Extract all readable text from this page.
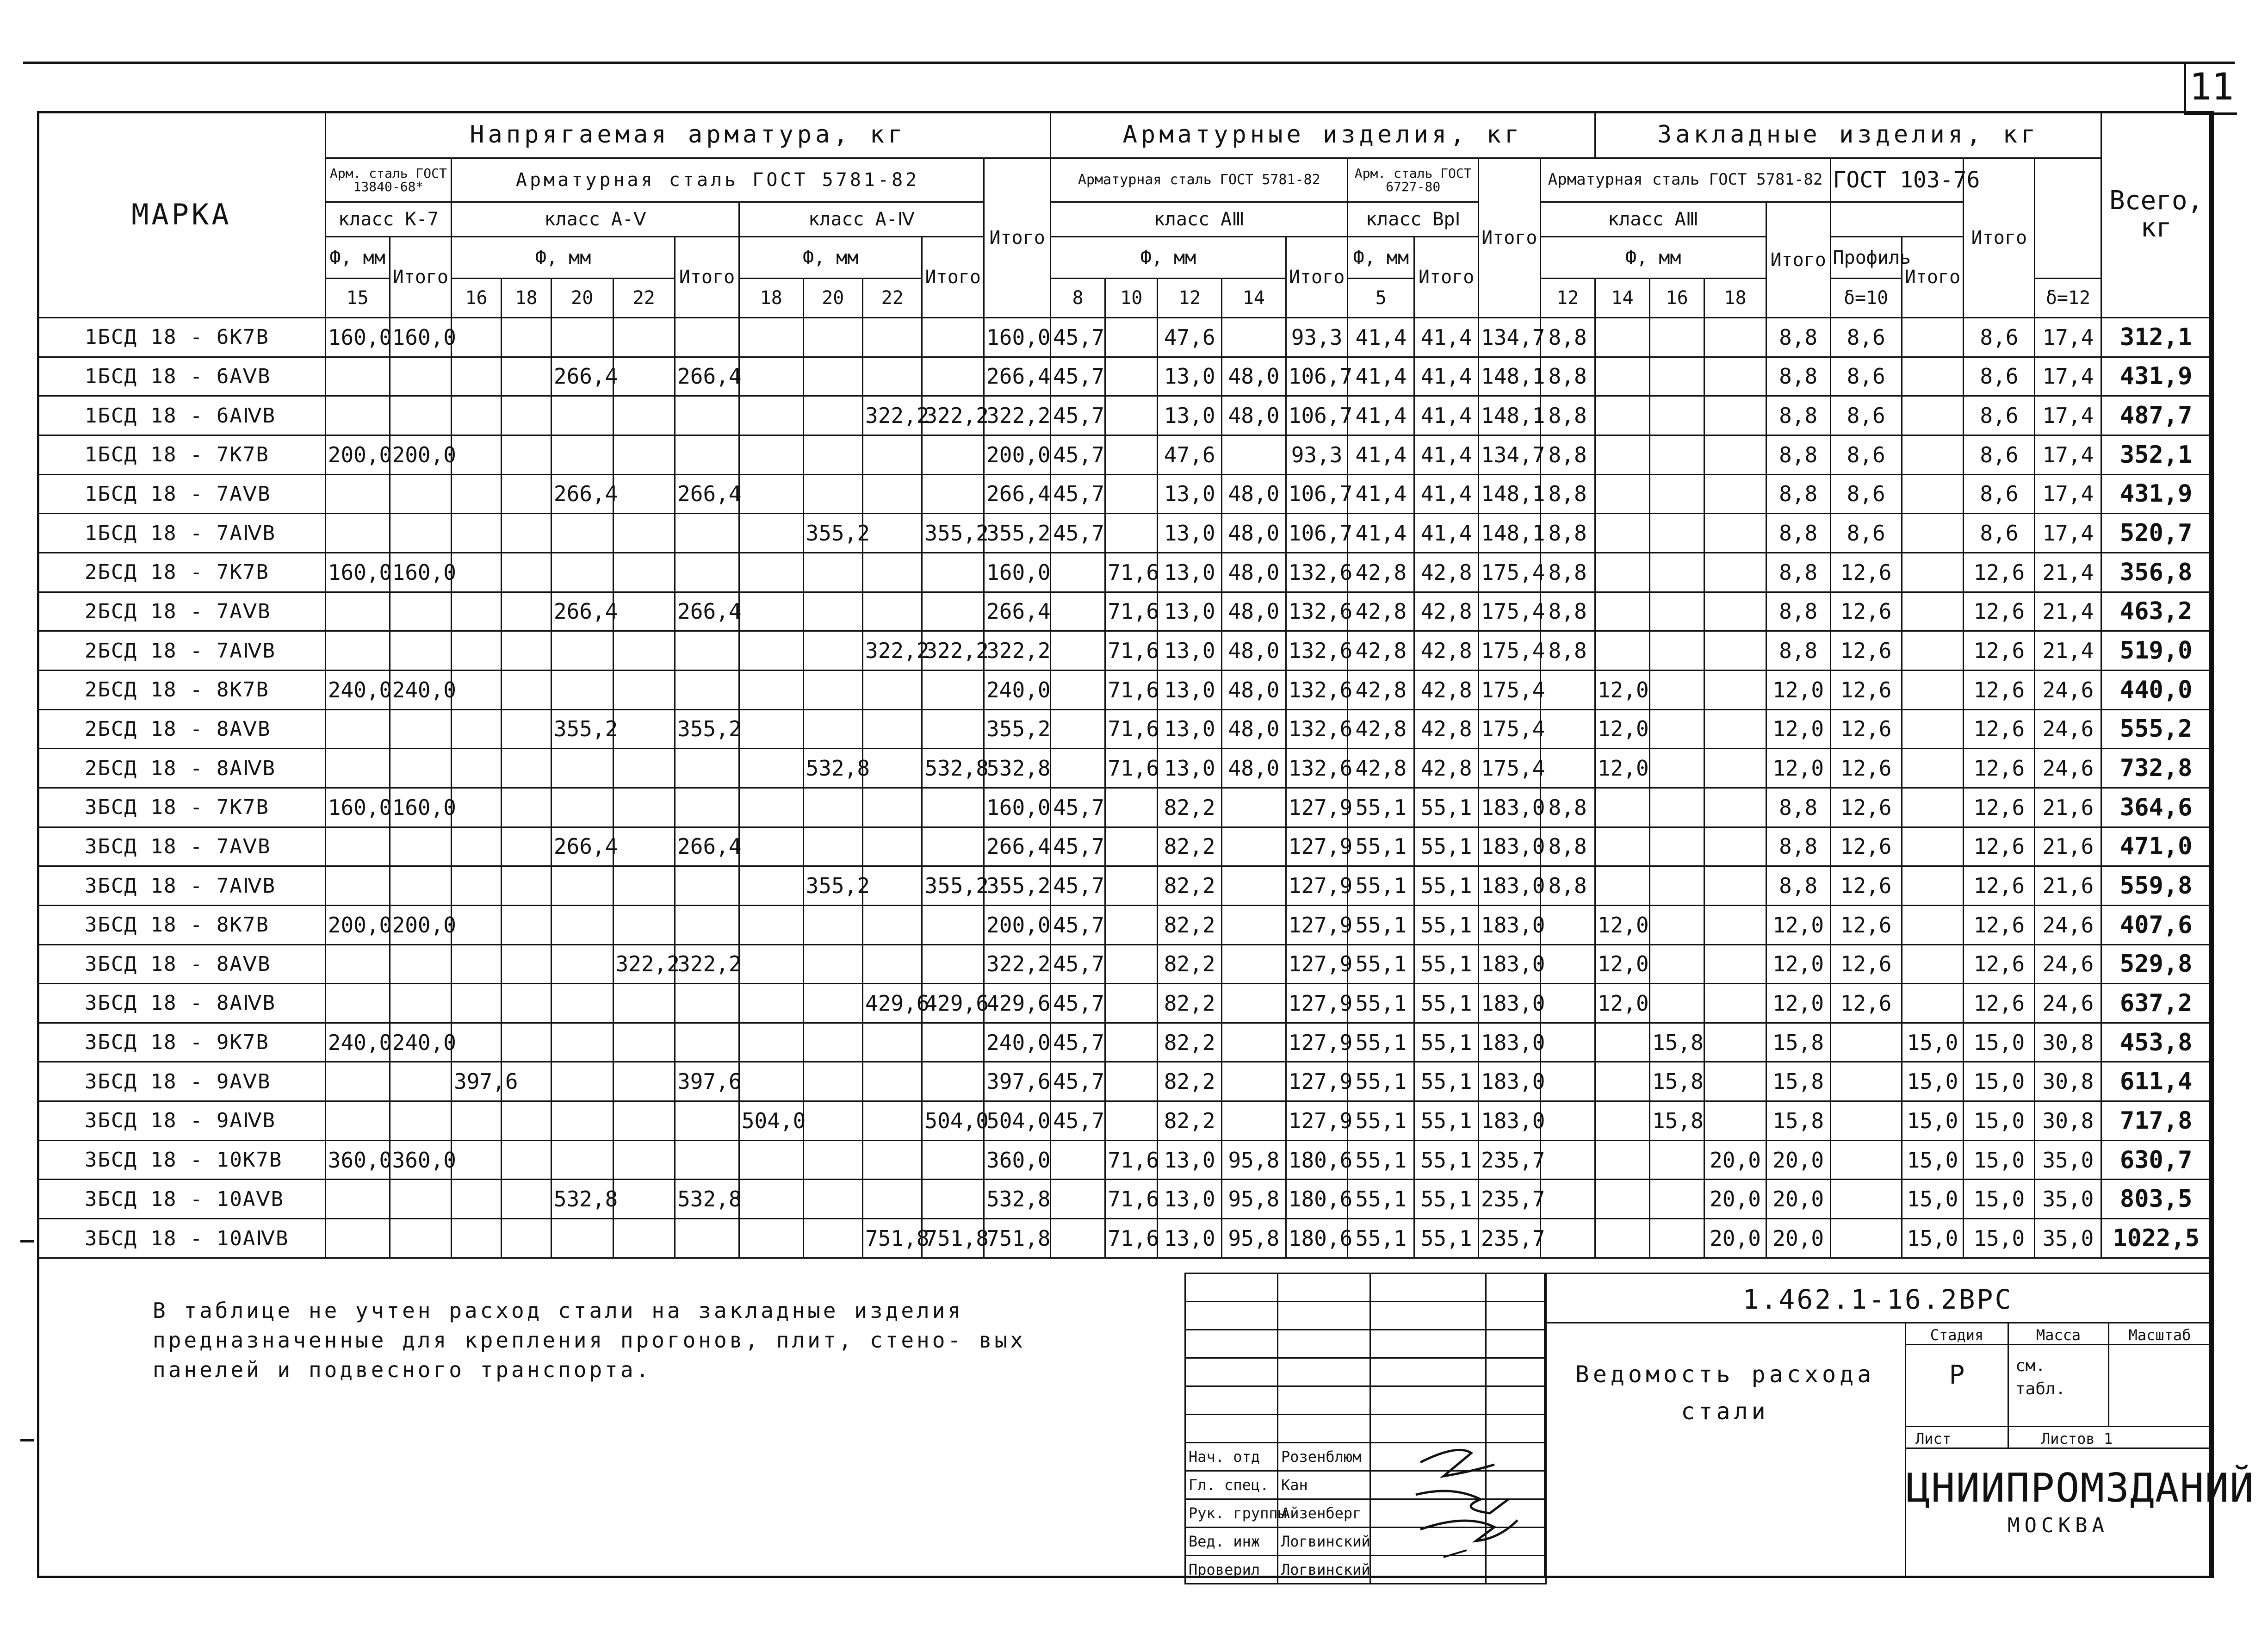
11
МАРКА	Напрягаемая арматура, кг												Арматурные изделия, кг									Закладные изделия, кг								Всего, кг
	Арм. сталь ГОСТ 13840-68*		Арматурная сталь ГОСТ 5781-82									Итого	Арматурная сталь ГОСТ 5781-82					Арм. сталь ГОСТ 6727-80		Итого	Арматурная сталь ГОСТ 5781-82					ГОСТ 103-76		Итого		
	класс К-7		класс А-Ⅴ					класс А-Ⅳ					класс АⅢ					класс ВрⅠ			класс АⅢ				Итого					
	Ф, мм	Итого	Ф, мм				Итого	Ф, мм			Итого		Ф, мм				Итого	Ф, мм	Итого		Ф, мм					Профиль	Итого			
	15		16	18	20	22		18	20	22			8	10	12	14		5			12	14	16	18		δ=10			δ=12	
1БСД 18 - 6К7В	160,0	160,0										160,0	45,7		47,6		93,3	41,4	41,4	134,7	8,8				8,8	8,6		8,6	17,4	312,1
1БСД 18 - 6АⅤВ					266,4		266,4					266,4	45,7		13,0	48,0	106,7	41,4	41,4	148,1	8,8				8,8	8,6		8,6	17,4	431,9
1БСД 18 - 6АⅣВ										322,2	322,2	322,2	45,7		13,0	48,0	106,7	41,4	41,4	148,1	8,8				8,8	8,6		8,6	17,4	487,7
1БСД 18 - 7К7В	200,0	200,0										200,0	45,7		47,6		93,3	41,4	41,4	134,7	8,8				8,8	8,6		8,6	17,4	352,1
1БСД 18 - 7АⅤВ					266,4		266,4					266,4	45,7		13,0	48,0	106,7	41,4	41,4	148,1	8,8				8,8	8,6		8,6	17,4	431,9
1БСД 18 - 7АⅣВ									355,2		355,2	355,2	45,7		13,0	48,0	106,7	41,4	41,4	148,1	8,8				8,8	8,6		8,6	17,4	520,7
2БСД 18 - 7К7В	160,0	160,0										160,0		71,6	13,0	48,0	132,6	42,8	42,8	175,4	8,8				8,8	12,6		12,6	21,4	356,8
2БСД 18 - 7АⅤВ					266,4		266,4					266,4		71,6	13,0	48,0	132,6	42,8	42,8	175,4	8,8				8,8	12,6		12,6	21,4	463,2
2БСД 18 - 7АⅣВ										322,2	322,2	322,2		71,6	13,0	48,0	132,6	42,8	42,8	175,4	8,8				8,8	12,6		12,6	21,4	519,0
2БСД 18 - 8К7В	240,0	240,0										240,0		71,6	13,0	48,0	132,6	42,8	42,8	175,4		12,0			12,0	12,6		12,6	24,6	440,0
2БСД 18 - 8АⅤВ					355,2		355,2					355,2		71,6	13,0	48,0	132,6	42,8	42,8	175,4		12,0			12,0	12,6		12,6	24,6	555,2
2БСД 18 - 8АⅣВ									532,8		532,8	532,8		71,6	13,0	48,0	132,6	42,8	42,8	175,4		12,0			12,0	12,6		12,6	24,6	732,8
3БСД 18 - 7К7В	160,0	160,0										160,0	45,7		82,2		127,9	55,1	55,1	183,0	8,8				8,8	12,6		12,6	21,6	364,6
3БСД 18 - 7АⅤВ					266,4		266,4					266,4	45,7		82,2		127,9	55,1	55,1	183,0	8,8				8,8	12,6		12,6	21,6	471,0
3БСД 18 - 7АⅣВ									355,2		355,2	355,2	45,7		82,2		127,9	55,1	55,1	183,0	8,8				8,8	12,6		12,6	21,6	559,8
3БСД 18 - 8К7В	200,0	200,0										200,0	45,7		82,2		127,9	55,1	55,1	183,0		12,0			12,0	12,6		12,6	24,6	407,6
3БСД 18 - 8АⅤВ						322,2	322,2					322,2	45,7		82,2		127,9	55,1	55,1	183,0		12,0			12,0	12,6		12,6	24,6	529,8
3БСД 18 - 8АⅣВ										429,6	429,6	429,6	45,7		82,2		127,9	55,1	55,1	183,0		12,0			12,0	12,6		12,6	24,6	637,2
3БСД 18 - 9К7В	240,0	240,0										240,0	45,7		82,2		127,9	55,1	55,1	183,0			15,8		15,8		15,0	15,0	30,8	453,8
3БСД 18 - 9АⅤВ			397,6				397,6					397,6	45,7		82,2		127,9	55,1	55,1	183,0			15,8		15,8		15,0	15,0	30,8	611,4
3БСД 18 - 9АⅣВ								504,0			504,0	504,0	45,7		82,2		127,9	55,1	55,1	183,0			15,8		15,8		15,0	15,0	30,8	717,8
3БСД 18 - 10К7В	360,0	360,0										360,0		71,6	13,0	95,8	180,6	55,1	55,1	235,7				20,0	20,0		15,0	15,0	35,0	630,7
3БСД 18 - 10АⅤВ					532,8		532,8					532,8		71,6	13,0	95,8	180,6	55,1	55,1	235,7				20,0	20,0		15,0	15,0	35,0	803,5
3БСД 18 - 10АⅣВ										751,8	751,8	751,8		71,6	13,0	95,8	180,6	55,1	55,1	235,7				20,0	20,0		15,0	15,0	35,0	1022,5
В таблице не учтен расход стали на закладные изделия предназначенные для крепления прогонов, плит, стено- вых панелей и подвесного транспорта.

Нач. отд	Розенблюм		
Гл. спец.	Кан		
Рук. группы	Айзенберг		
Вед. инж	Логвинский		
Проверил	Логвинский		
1.462.1-16.2ВРС
Ведомость расхода стали
Стадия	Масса	Масштаб
Р	см. табл.
Лист	Листов 1
ЦНИИПРОМЗДАНИЙ
МОСКВА
